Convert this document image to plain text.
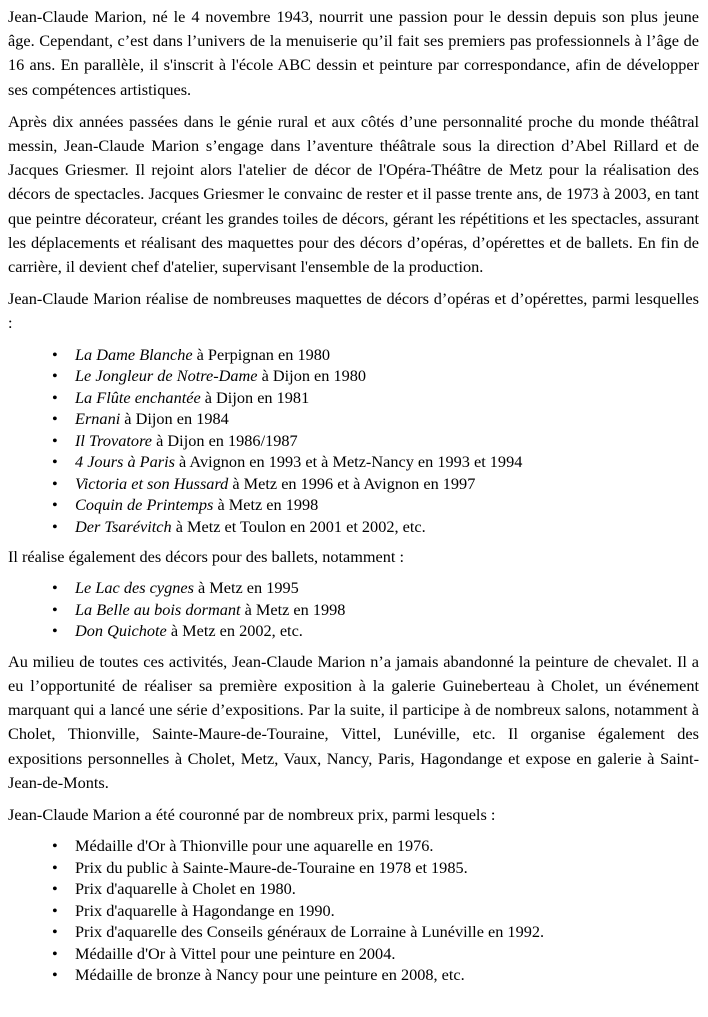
Jean-Claude Marion, né le 4 novembre 1943, nourrit une passion pour le dessin depuis son plus jeune âge. Cependant, c’est dans l’univers de la menuiserie qu’il fait ses premiers pas professionnels à l’âge de 16 ans. En parallèle, il s'inscrit à l'école ABC dessin et peinture par correspondance, afin de développer ses compétences artistiques.

Après dix années passées dans le génie rural et aux côtés d’une personnalité proche du monde théâtral messin, Jean-Claude Marion s’engage dans l’aventure théâtrale sous la direction d’Abel Rillard et de Jacques Griesmer. Il rejoint alors l'atelier de décor de l'Opéra-Théâtre de Metz pour la réalisation des décors de spectacles. Jacques Griesmer le convainc de rester et il passe trente ans, de 1973 à 2003, en tant que peintre décorateur, créant les grandes toiles de décors, gérant les répétitions et les spectacles, assurant les déplacements et réalisant des maquettes pour des décors d’opéras, d’opérettes et de ballets. En fin de carrière, il devient chef d'atelier, supervisant l'ensemble de la production.

Jean-Claude Marion réalise de nombreuses maquettes de décors d’opéras et d’opérettes, parmi lesquelles :

• La Dame Blanche à Perpignan en 1980
• Le Jongleur de Notre-Dame à Dijon en 1980
• La Flûte enchantée à Dijon en 1981
• Ernani à Dijon en 1984
• Il Trovatore à Dijon en 1986/1987
• 4 Jours à Paris à Avignon en 1993 et à Metz-Nancy en 1993 et 1994
• Victoria et son Hussard à Metz en 1996 et à Avignon en 1997
• Coquin de Printemps à Metz en 1998
• Der Tsarévitch à Metz et Toulon en 2001 et 2002, etc.

Il réalise également des décors pour des ballets, notamment :

• Le Lac des cygnes à Metz en 1995
• La Belle au bois dormant à Metz en 1998
• Don Quichote à Metz en 2002, etc.

Au milieu de toutes ces activités, Jean-Claude Marion n’a jamais abandonné la peinture de chevalet. Il a eu l’opportunité de réaliser sa première exposition à la galerie Guineberteau à Cholet, un événement marquant qui a lancé une série d’expositions. Par la suite, il participe à de nombreux salons, notamment à Cholet, Thionville, Sainte-Maure-de-Touraine, Vittel, Lunéville, etc. Il organise également des expositions personnelles à Cholet, Metz, Vaux, Nancy, Paris, Hagondange et expose en galerie à Saint-Jean-de-Monts.

Jean-Claude Marion a été couronné par de nombreux prix, parmi lesquels :

• Médaille d'Or à Thionville pour une aquarelle en 1976.
• Prix du public à Sainte-Maure-de-Touraine en 1978 et 1985.
• Prix d'aquarelle à Cholet en 1980.
• Prix d'aquarelle à Hagondange en 1990.
• Prix d'aquarelle des Conseils généraux de Lorraine à Lunéville en 1992.
• Médaille d'Or à Vittel pour une peinture en 2004.
• Médaille de bronze à Nancy pour une peinture en 2008, etc.
